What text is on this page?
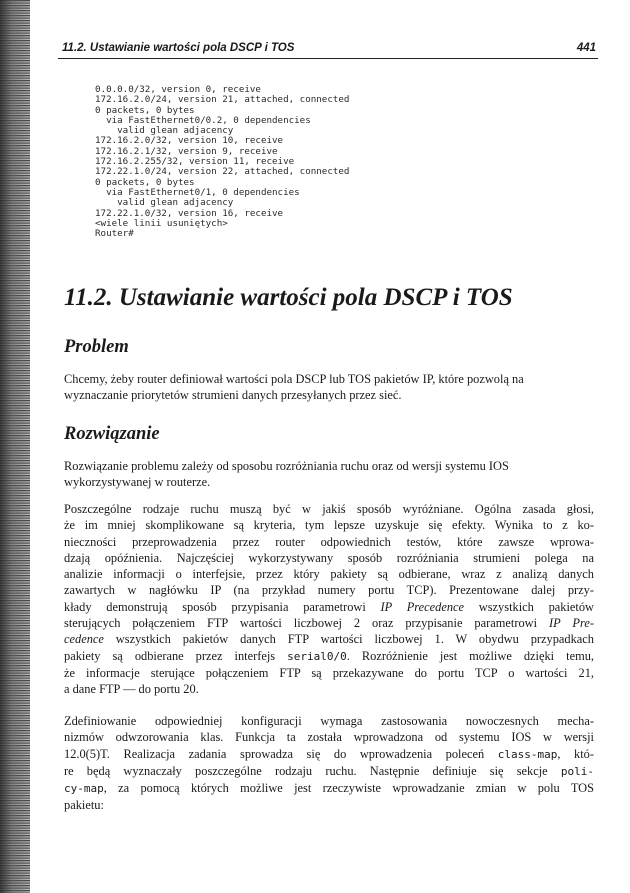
11.2. Ustawianie wartości pola DSCP i TOS	441
0.0.0.0/32, version 0, receive
172.16.2.0/24, version 21, attached, connected
0 packets, 0 bytes
via FastEthernet0/0.2, 0 dependencies
valid glean adjacency
172.16.2.0/32, version 10, receive
172.16.2.1/32, version 9, receive
172.16.2.255/32, version 11, receive
172.22.1.0/24, version 22, attached, connected
0 packets, 0 bytes
via FastEthernet0/1, 0 dependencies
valid glean adjacency
172.22.1.0/32, version 16, receive
<wiele linii usuniętych>
Router#
11.2. Ustawianie wartości pola DSCP i TOS
Problem

Chcemy, żeby router definiował wartości pola DSCP lub TOS pakietów IP, które pozwolą na
wyznaczanie priorytetów strumieni danych przesyłanych przez sieć.

Rozwiązanie

Rozwiązanie problemu zależy od sposobu rozróżniania ruchu oraz od wersji systemu IOS
wykorzystywanej w routerze.

Poszczególne rodzaje ruchu muszą być w jakiś sposób wyróżniane. Ogólna zasada głosi,
że im mniej skomplikowane są kryteria, tym lepsze uzyskuje się efekty. Wynika to z ko-
nieczności przeprowadzenia przez router odpowiednich testów, które zawsze wprowa-
dzają opóźnienia. Najczęściej wykorzystywany sposób rozróżniania strumieni polega na
analizie informacji o interfejsie, przez który pakiety są odbierane, wraz z analizą danych
zawartych w nagłówku IP (na przykład numery portu TCP). Prezentowane dalej przy-
kłady demonstrują sposób przypisania parametrowi IP Precedence wszystkich pakietów
sterujących połączeniem FTP wartości liczbowej 2 oraz przypisanie parametrowi IP Pre-
cedence wszystkich pakietów danych FTP wartości liczbowej 1. W obydwu przypadkach
pakiety są odbierane przez interfejs serial0/0. Rozróżnienie jest możliwe dzięki temu,
że informacje sterujące połączeniem FTP są przekazywane do portu TCP o wartości 21,
a dane FTP — do portu 20.

Zdefiniowanie odpowiedniej konfiguracji wymaga zastosowania nowoczesnych mecha-
nizmów odwzorowania klas. Funkcja ta została wprowadzona od systemu IOS w wersji
12.0(5)T. Realizacja zadania sprowadza się do wprowadzenia poleceń class-map, któ-
re będą wyznaczały poszczególne rodzaju ruchu. Następnie definiuje się sekcje poli-
cy-map, za pomocą których możliwe jest rzeczywiste wprowadzanie zmian w polu TOS
pakietu:
